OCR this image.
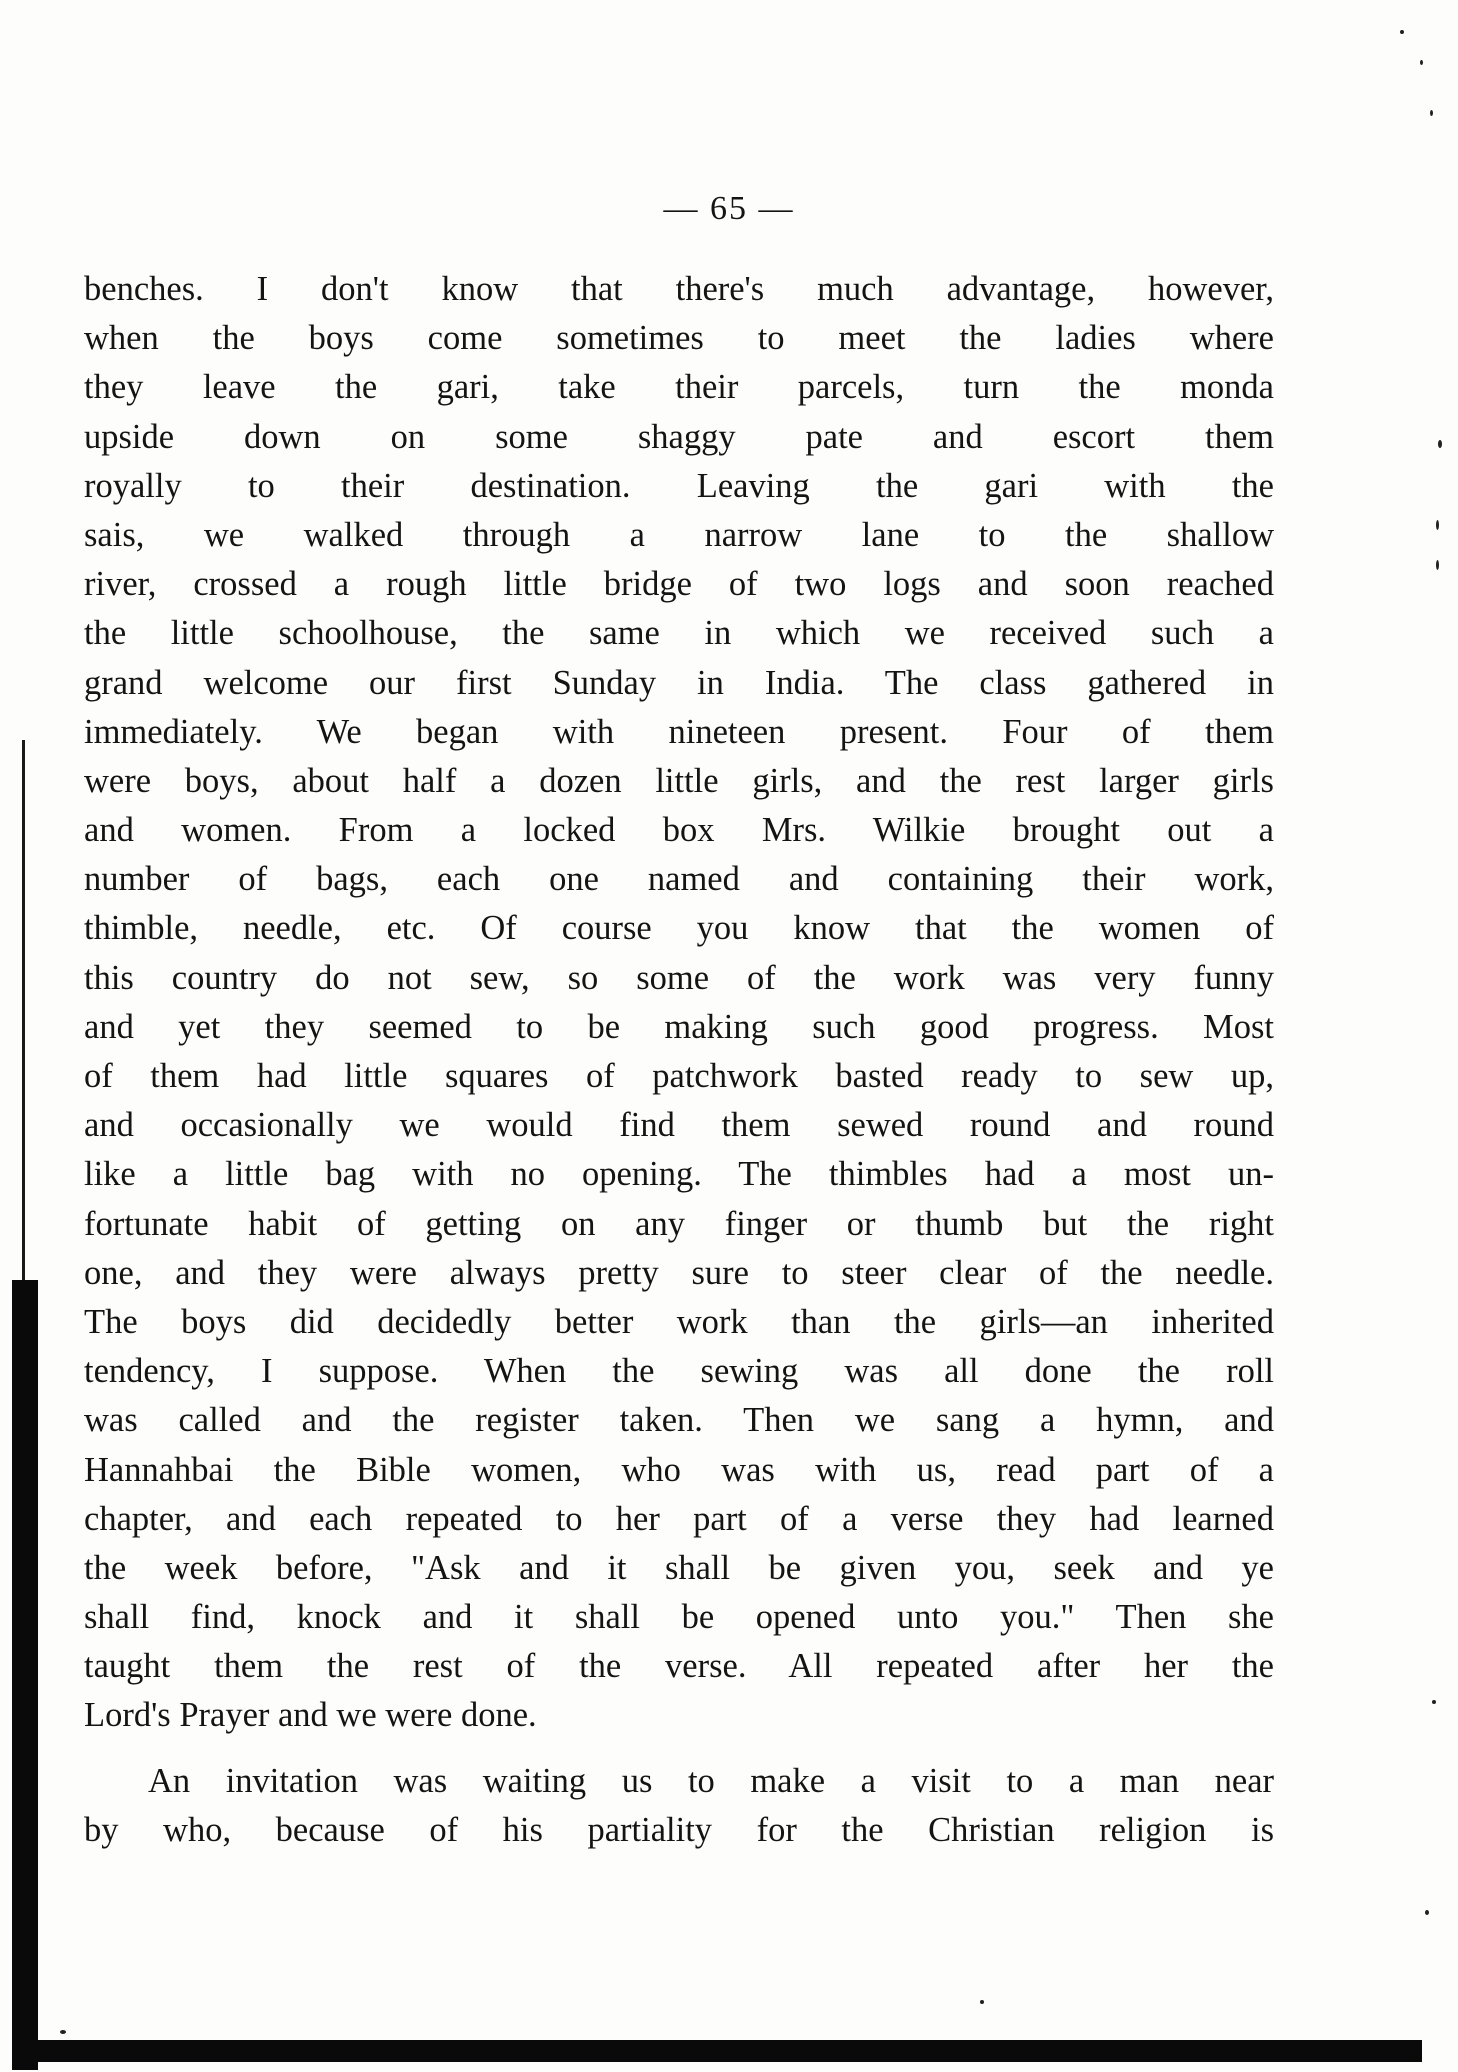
— 65 —

benches. I don't know that there's much advantage, however,
when the boys come sometimes to meet the ladies where
they leave the gari, take their parcels, turn the monda
upside down on some shaggy pate and escort them
royally to their destination. Leaving the gari with the
sais, we walked through a narrow lane to the shallow
river, crossed a rough little bridge of two logs and soon reached
the little schoolhouse, the same in which we received such a
grand welcome our first Sunday in India. The class gathered in
immediately. We began with nineteen present. Four of them
were boys, about half a dozen little girls, and the rest larger girls
and women. From a locked box Mrs. Wilkie brought out a
number of bags, each one named and containing their work,
thimble, needle, etc. Of course you know that the women of
this country do not sew, so some of the work was very funny
and yet they seemed to be making such good progress. Most
of them had little squares of patchwork basted ready to sew up,
and occasionally we would find them sewed round and round
like a little bag with no opening. The thimbles had a most un-
fortunate habit of getting on any finger or thumb but the right
one, and they were always pretty sure to steer clear of the needle.
The boys did decidedly better work than the girls—an inherited
tendency, I suppose. When the sewing was all done the roll
was called and the register taken. Then we sang a hymn, and
Hannahbai the Bible women, who was with us, read part of a
chapter, and each repeated to her part of a verse they had learned
the week before, "Ask and it shall be given you, seek and ye
shall find, knock and it shall be opened unto you." Then she
taught them the rest of the verse. All repeated after her the
Lord's Prayer and we were done.

An invitation was waiting us to make a visit to a man near
by who, because of his partiality for the Christian religion is
